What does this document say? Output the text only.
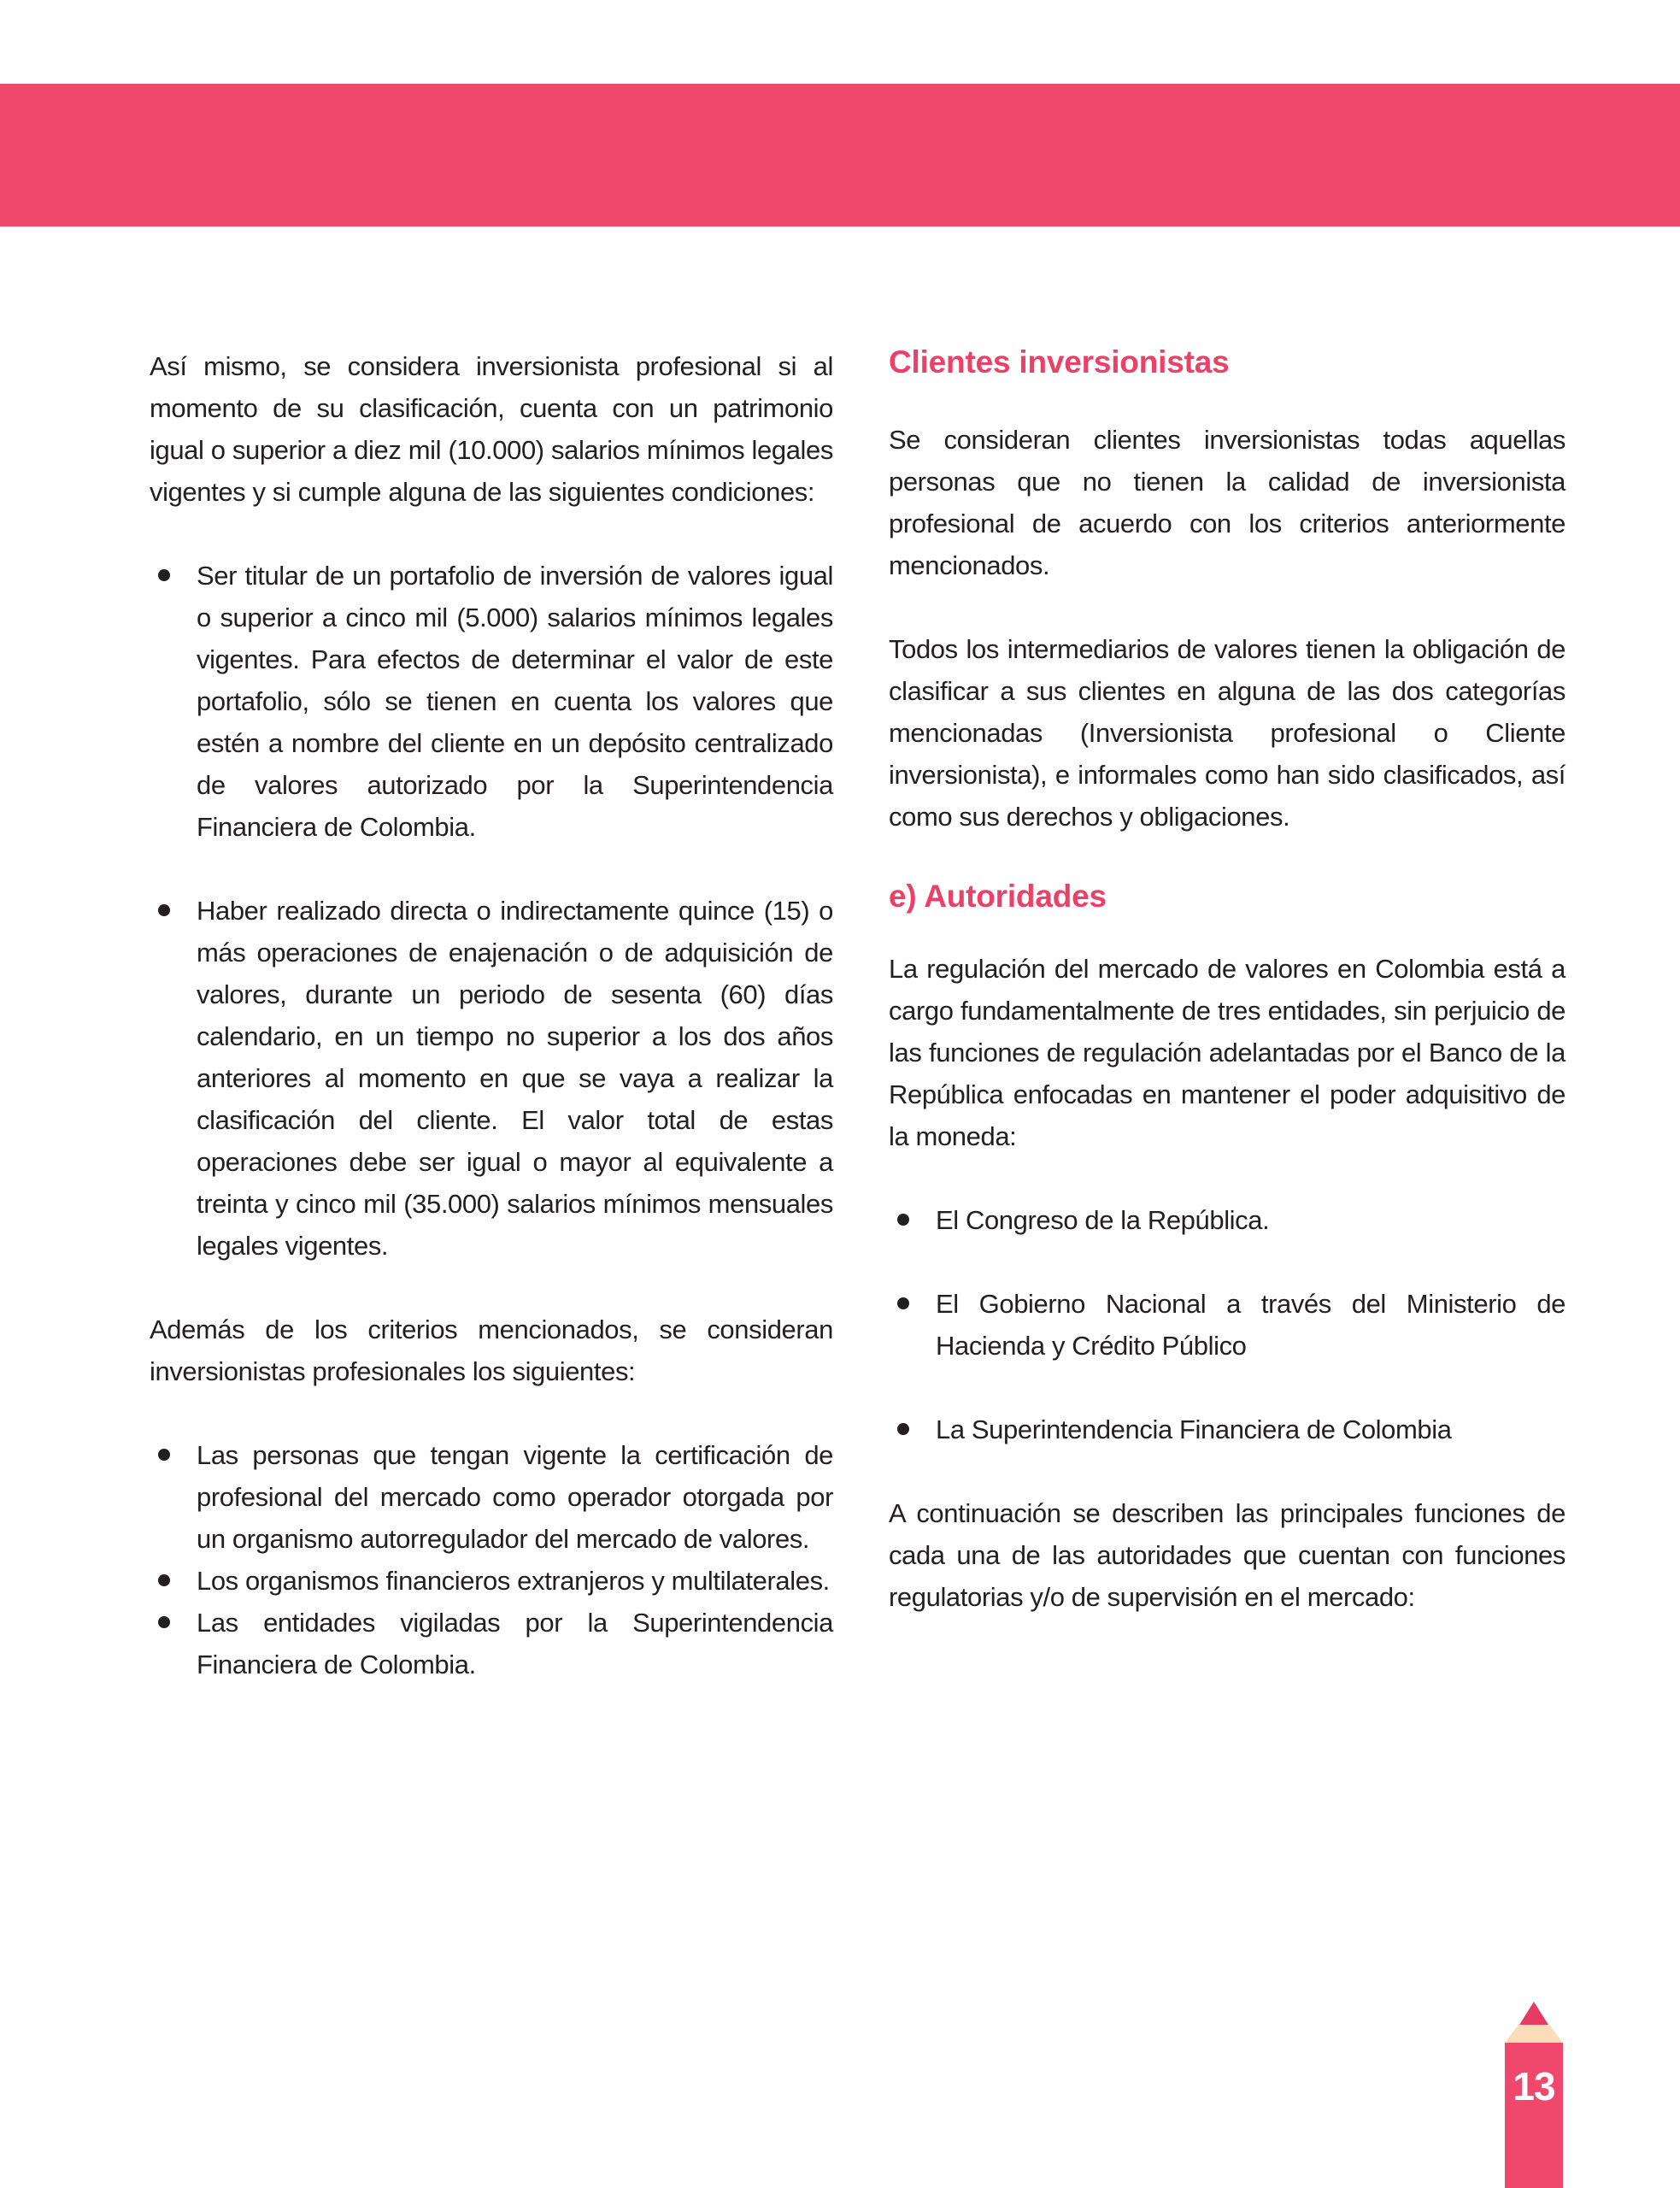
Así mismo, se considera inversionista profesional si al momento de su clasificación, cuenta con un patrimonio igual o superior a diez mil (10.000) salarios mínimos legales vigentes y si cumple alguna de las siguientes condiciones:

Ser titular de un portafolio de inversión de valores igual o superior a cinco mil (5.000) salarios mínimos legales vigentes. Para efectos de determinar el valor de este portafolio, sólo se tienen en cuenta los valores que estén a nombre del cliente en un depósito centralizado de valores autorizado por la Superintendencia Financiera de Colombia.
Haber realizado directa o indirectamente quince (15) o más operaciones de enajenación o de adquisición de valores, durante un periodo de sesenta (60) días calendario, en un tiempo no superior a los dos años anteriores al momento en que se vaya a realizar la clasificación del cliente. El valor total de estas operaciones debe ser igual o mayor al equivalente a treinta y cinco mil (35.000) salarios mínimos mensuales legales vigentes.

Además de los criterios mencionados, se consideran inversionistas profesionales los siguientes:

Las personas que tengan vigente la certificación de profesional del mercado como operador otorgada por un organismo autorregulador del mercado de valores.
Los organismos financieros extranjeros y multilaterales.
Las entidades vigiladas por la Superintendencia Financiera de Colombia.
Clientes inversionistas

Se consideran clientes inversionistas todas aquellas personas que no tienen la calidad de inversionista profesional de acuerdo con los criterios anteriormente mencionados.

Todos los intermediarios de valores tienen la obligación de clasificar a sus clientes en alguna de las dos categorías mencionadas (Inversionista profesional o Cliente inversionista), e informales como han sido clasificados, así como sus derechos y obligaciones.

e) Autoridades

La regulación del mercado de valores en Colombia está a cargo fundamentalmente de tres entidades, sin perjuicio de las funciones de regulación adelantadas por el Banco de la República enfocadas en mantener el poder adquisitivo de la moneda:

El Congreso de la República.
El Gobierno Nacional a través del Ministerio de Hacienda y Crédito Público
La Superintendencia Financiera de Colombia

A continuación se describen las principales funciones de cada una de las autoridades que cuentan con funciones regulatorias y/o de supervisión en el mercado:

13
